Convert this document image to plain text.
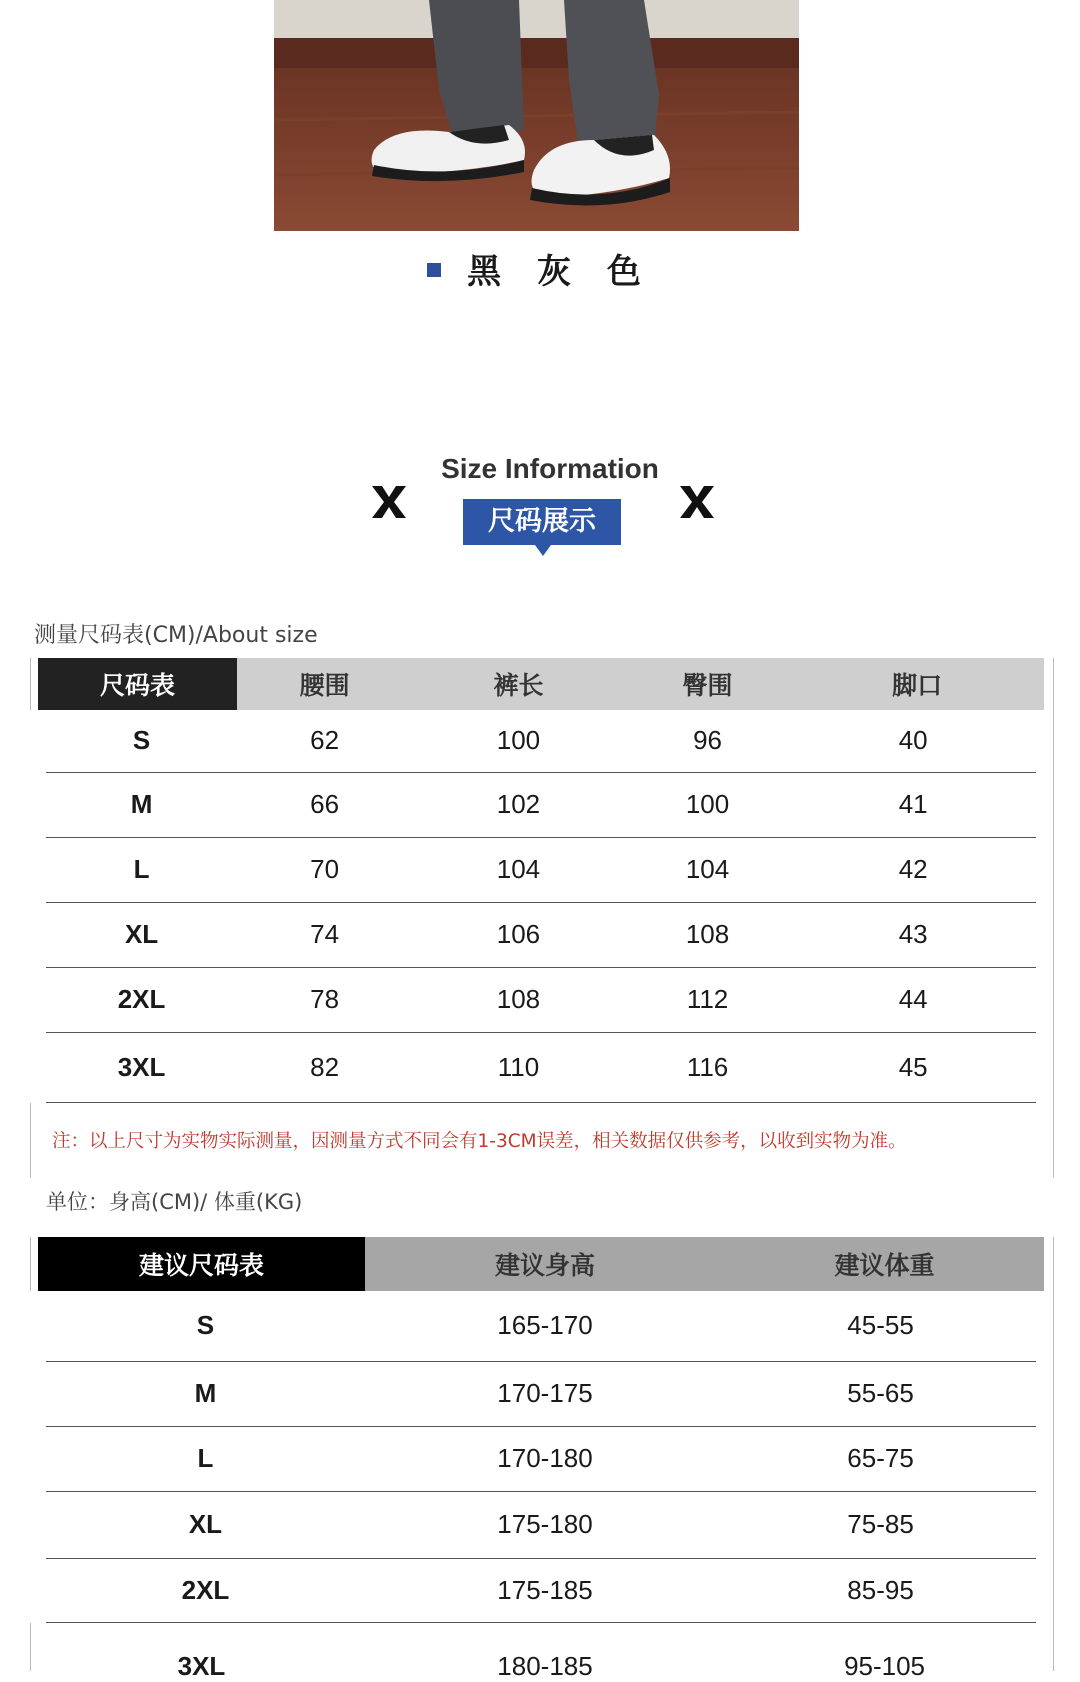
黑 灰 色
Size Information
尺码展示
测量尺码表(CM)/About size
尺码表	腰围	裤长	臀围	脚口
S	62	100	96	40
M	66	102	100	41
L	70	104	104	42
XL	74	106	108	43
2XL	78	108	112	44
3XL	82	110	116	45
注：以上尺寸为实物实际测量，因测量方式不同会有1-3CM误差，相关数据仅供参考，以收到实物为准。
单位：身高(CM)/ 体重(KG)
建议尺码表	建议身高	建议体重
S	165-170	45-55
M	170-175	55-65
L	170-180	65-75
XL	175-180	75-85
2XL	175-185	85-95
3XL	180-185	95-105
